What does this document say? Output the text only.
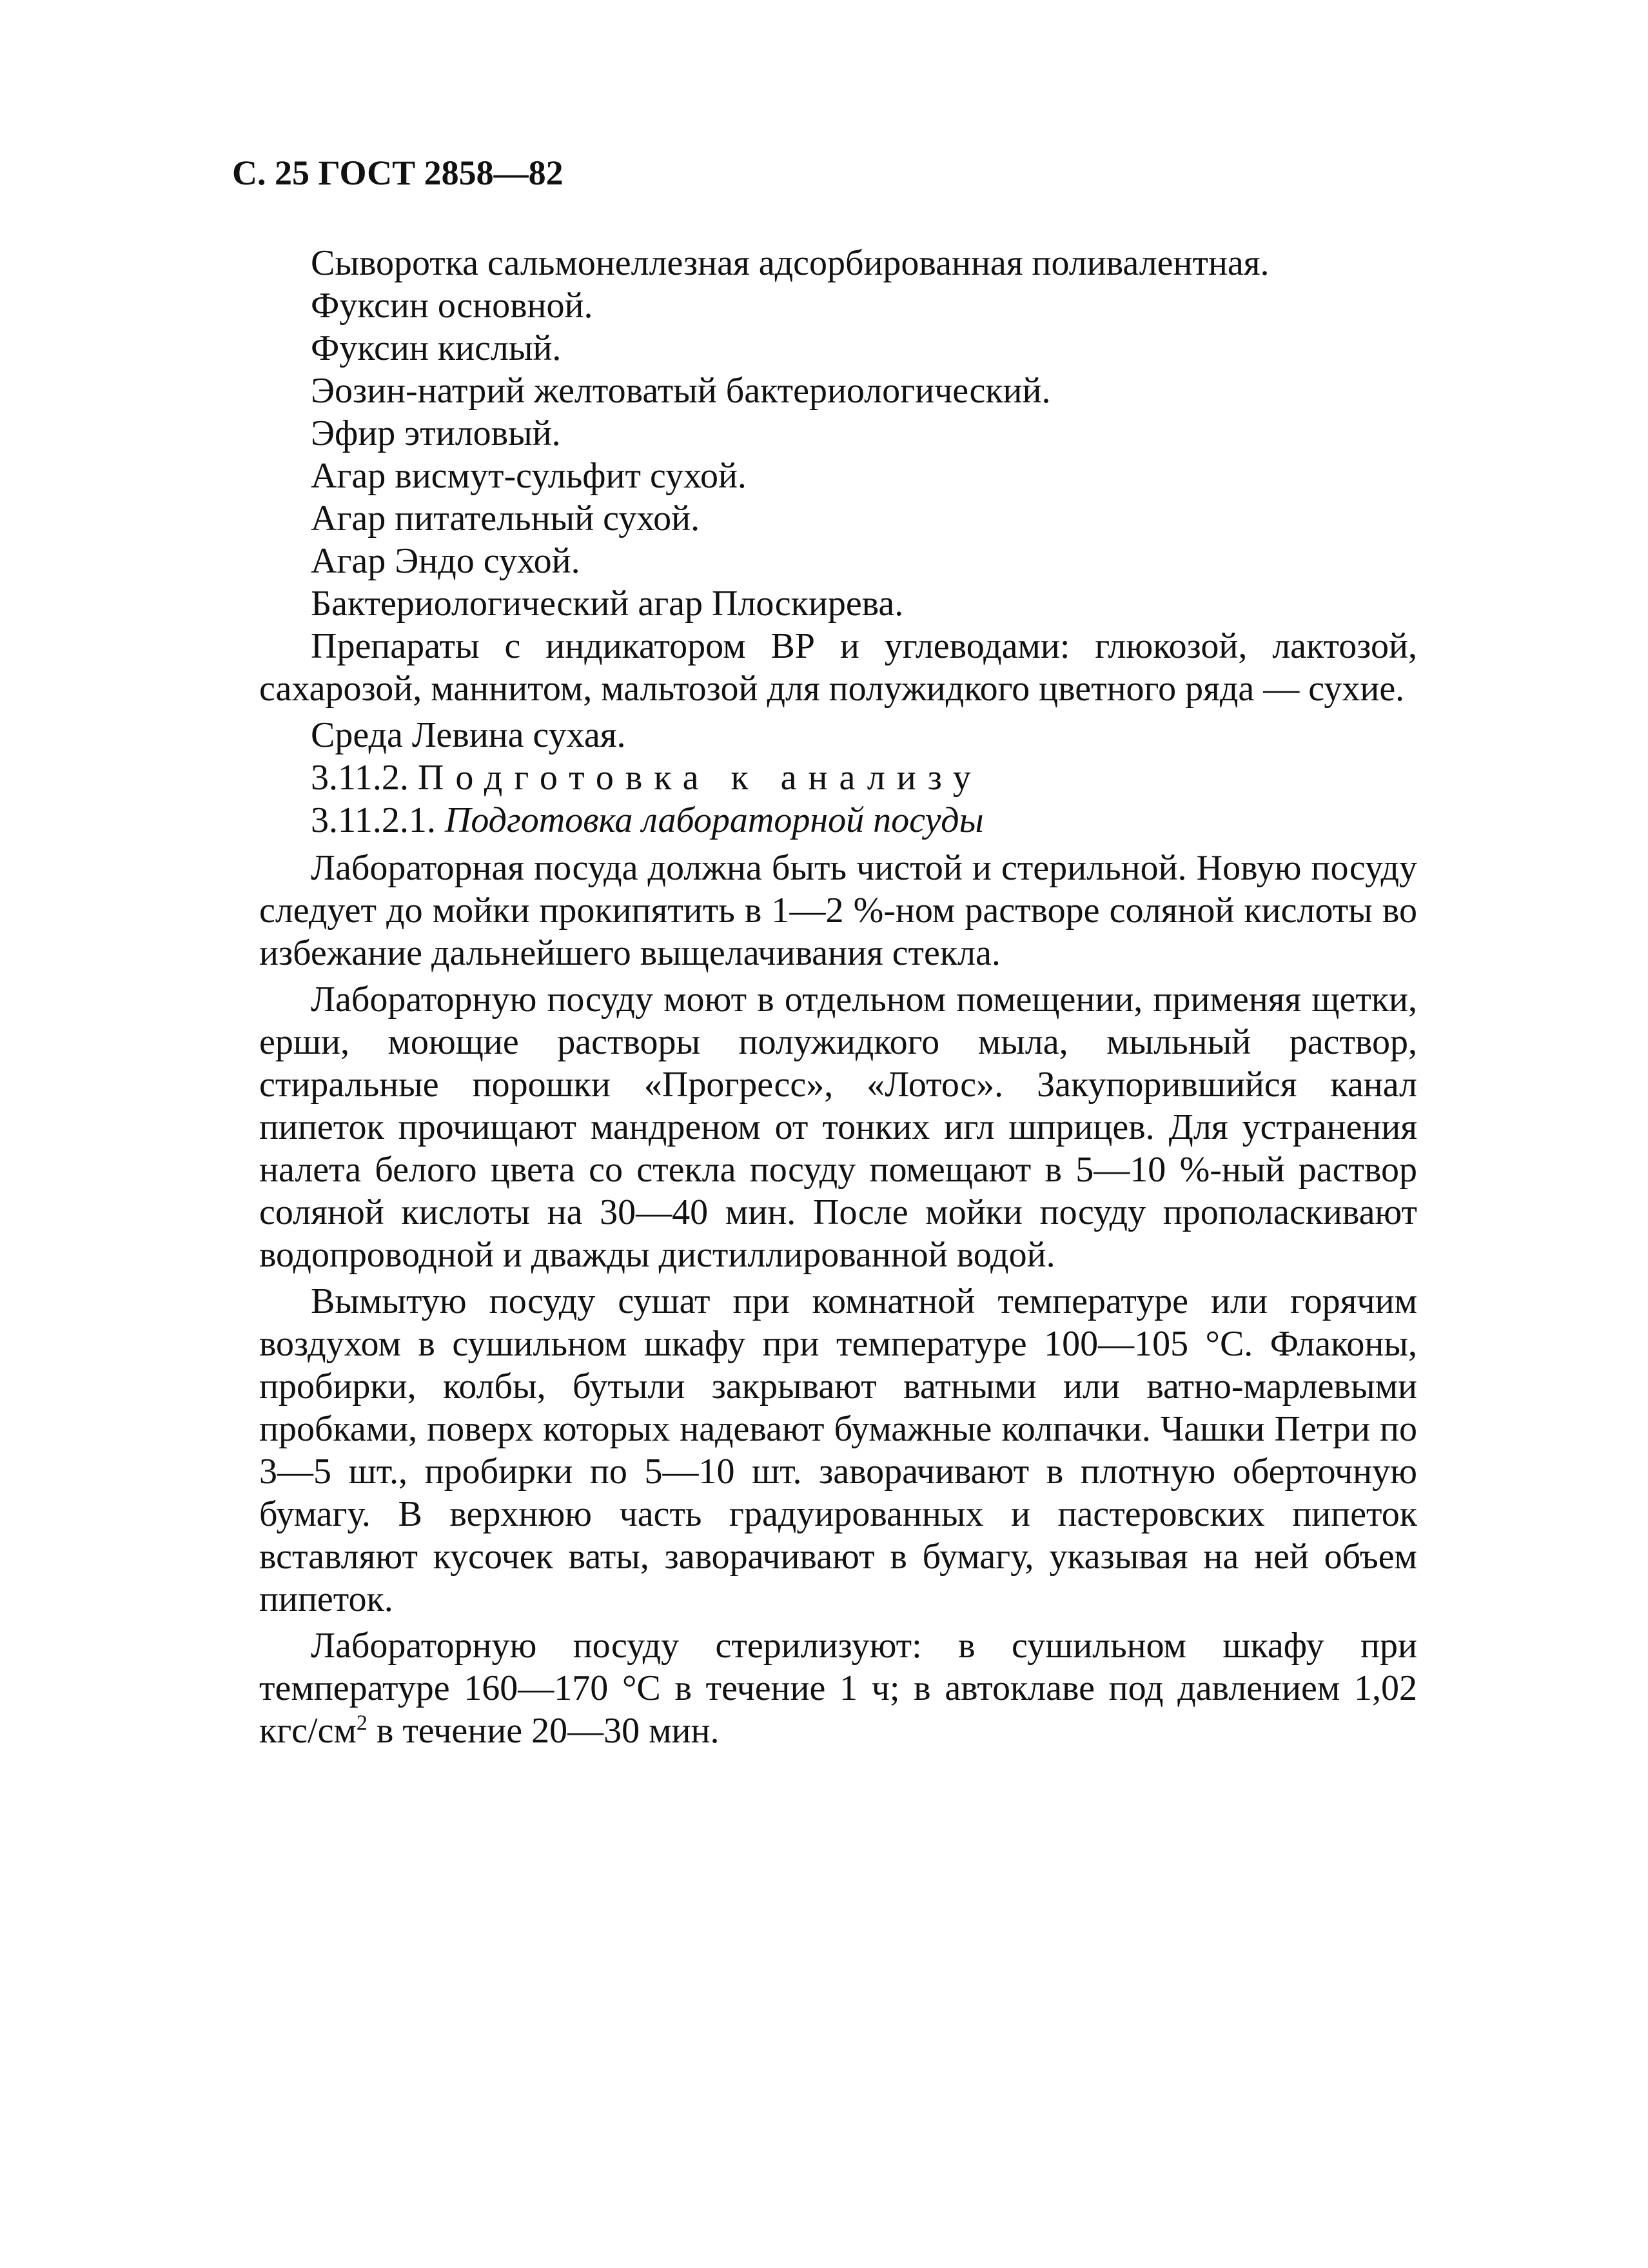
С. 25 ГОСТ 2858—82

Сыворотка сальмонеллезная адсорбированная поливалентная.

Фуксин основной.

Фуксин кислый.

Эозин-натрий желтоватый бактериологический.

Эфир этиловый.

Агар висмут-сульфит сухой.

Агар питательный сухой.

Агар Эндо сухой.

Бактериологический агар Плоскирева.

Препараты с индикатором ВР и углеводами: глюкозой, лактозой, сахарозой, маннитом, мальтозой для полужидкого цветного ряда — сухие.

Среда Левина сухая.

3.11.2. Подготовка к анализу

3.11.2.1. Подготовка лабораторной посуды

Лабораторная посуда должна быть чистой и стерильной. Новую посуду следует до мойки прокипятить в 1—2 %-ном растворе соляной кислоты во избежание дальнейшего выщелачивания стекла.

Лабораторную посуду моют в отдельном помещении, применяя щетки, ерши, моющие растворы полужидкого мыла, мыльный раствор, стиральные порошки «Прогресс», «Лотос». Закупорившийся канал пипеток прочищают мандреном от тонких игл шприцев. Для устранения налета белого цвета со стекла посуду помещают в 5—10 %-ный раствор соляной кислоты на 30—40 мин. После мойки посуду прополаскивают водопроводной и дважды дистиллированной водой.

Вымытую посуду сушат при комнатной температуре или горячим воздухом в сушильном шкафу при температуре 100—105 °С. Флаконы, пробирки, колбы, бутыли закрывают ватными или ватно-марлевыми пробками, поверх которых надевают бумажные колпачки. Чашки Петри по 3—5 шт., пробирки по 5—10 шт. заворачивают в плотную оберточную бумагу. В верхнюю часть градуированных и пастеровских пипеток вставляют кусочек ваты, заворачивают в бумагу, указывая на ней объем пипеток.

Лабораторную посуду стерилизуют: в сушильном шкафу при температуре 160—170 °С в течение 1 ч; в автоклаве под давлением 1,02 кгс/$см^2$ в течение 20—30 мин.
